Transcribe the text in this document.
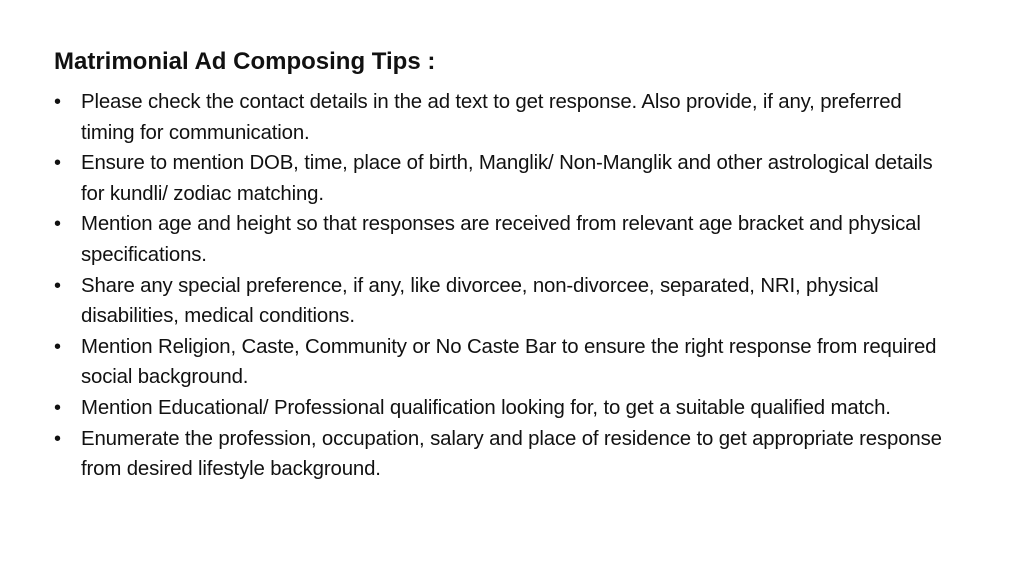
Matrimonial Ad Composing Tips :
• Please check the contact details in the ad text to get response. Also provide, if any, preferred timing for communication.
• Ensure to mention DOB, time, place of birth, Manglik/ Non-Manglik and other astrological details for kundli/ zodiac matching.
• Mention age and height so that responses are received from relevant age bracket and physical specifications.
• Share any special preference, if any, like divorcee, non-divorcee, separated, NRI, physical disabilities, medical conditions.
• Mention Religion, Caste, Community or No Caste Bar to ensure the right response from required social background.
• Mention Educational/ Professional qualification looking for, to get a suitable qualified match.
• Enumerate the profession, occupation, salary and place of residence to get appropriate response from desired lifestyle background.
